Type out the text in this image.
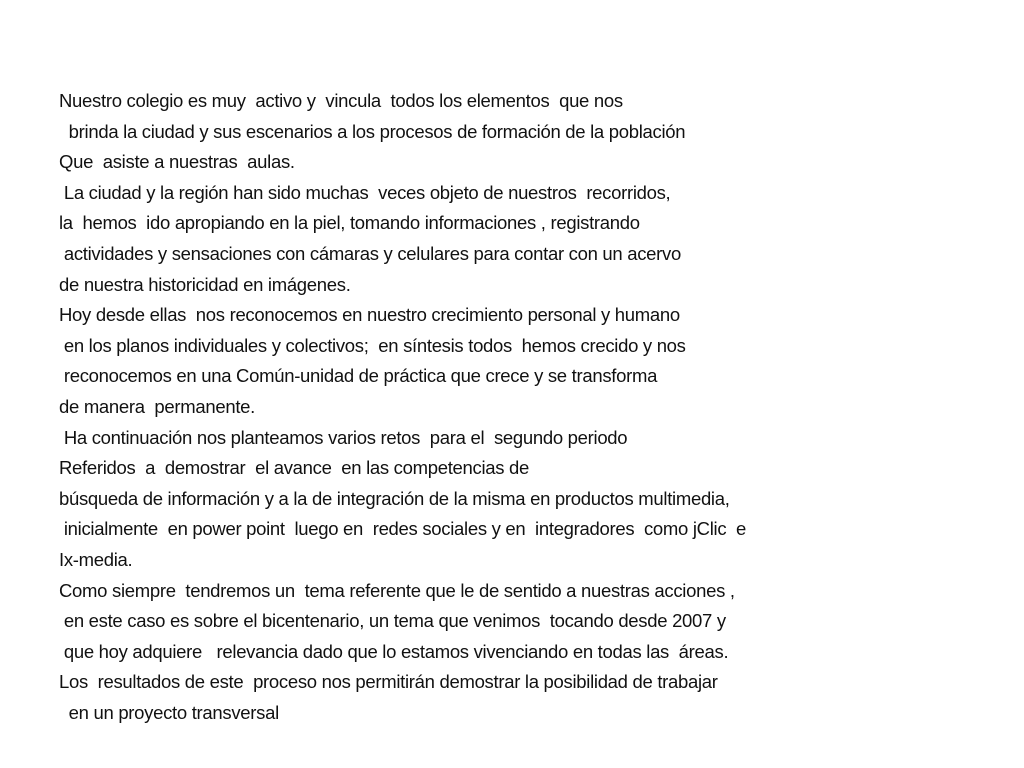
Nuestro colegio es muy  activo y  vincula  todos los elementos  que nos
brinda la ciudad y sus escenarios a los procesos de formación de la población
Que  asiste a nuestras  aulas.
La ciudad y la región han sido muchas  veces objeto de nuestros  recorridos,
la  hemos  ido apropiando en la piel, tomando informaciones , registrando
actividades y sensaciones con cámaras y celulares para contar con un acervo
de nuestra historicidad en imágenes.
Hoy desde ellas  nos reconocemos en nuestro crecimiento personal y humano
en los planos individuales y colectivos;  en síntesis todos  hemos crecido y nos
reconocemos en una Común-unidad de práctica que crece y se transforma
de manera  permanente.
Ha continuación nos planteamos varios retos  para el  segundo periodo
Referidos  a  demostrar  el avance  en las competencias de
búsqueda de información y a la de integración de la misma en productos multimedia,
inicialmente  en power point  luego en  redes sociales y en  integradores  como jClic  e
Ix-media.
Como siempre  tendremos un  tema referente que le de sentido a nuestras acciones ,
en este caso es sobre el bicentenario, un tema que venimos  tocando desde 2007 y
que hoy adquiere   relevancia dado que lo estamos vivenciando en todas las  áreas.
Los  resultados de este  proceso nos permitirán demostrar la posibilidad de trabajar
en un proyecto transversal
